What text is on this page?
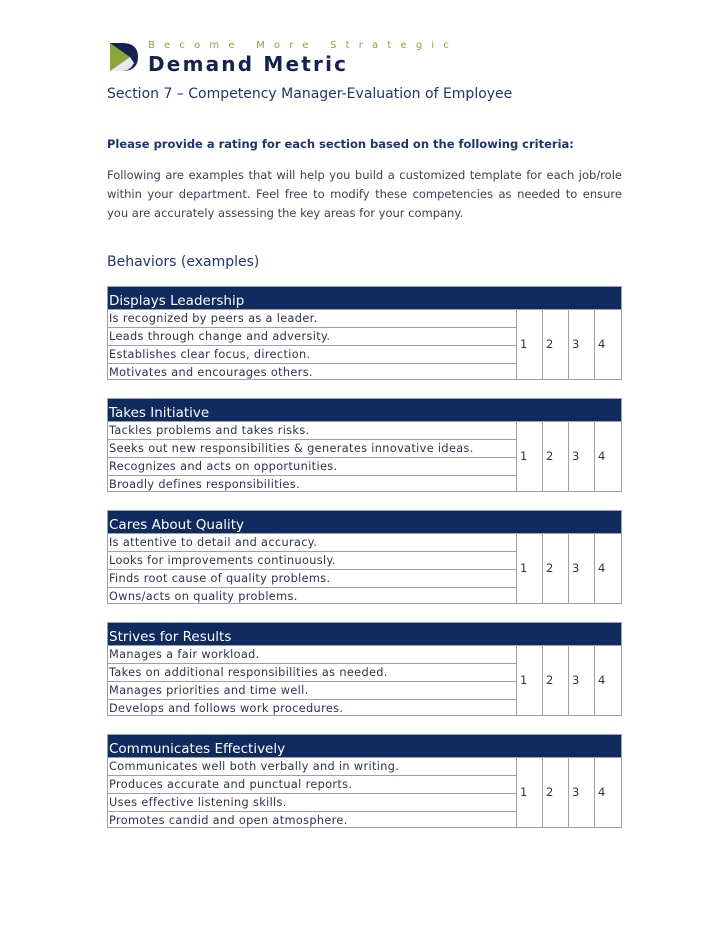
Become More Strategic
Demand Metric
Section 7 – Competency Manager-Evaluation of Employee
Please provide a rating for each section based on the following criteria:
Following are examples that will help you build a customized template for each job/role within your department. Feel free to modify these competencies as needed to ensure you are accurately assessing the key areas for your company.
Behaviors (examples)
Displays Leadership
Is recognized by peers as a leader.
Leads through change and adversity.
Establishes clear focus, direction.
Motivates and encourages others.
1	2	3	4
Takes Initiative
Tackles problems and takes risks.
Seeks out new responsibilities & generates innovative ideas.
Recognizes and acts on opportunities.
Broadly defines responsibilities.
1	2	3	4
Cares About Quality
Is attentive to detail and accuracy.
Looks for improvements continuously.
Finds root cause of quality problems.
Owns/acts on quality problems.
1	2	3	4
Strives for Results
Manages a fair workload.
Takes on additional responsibilities as needed.
Manages priorities and time well.
Develops and follows work procedures.
1	2	3	4
Communicates Effectively
Communicates well both verbally and in writing.
Produces accurate and punctual reports.
Uses effective listening skills.
Promotes candid and open atmosphere.
1	2	3	4
